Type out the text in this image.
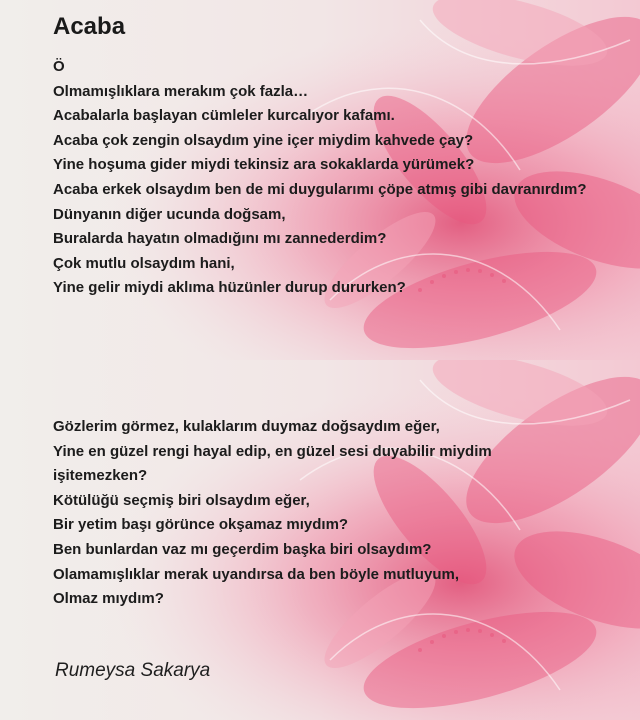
Acaba
Ö
Olmamışlıklara merakım çok fazla…
Acabalarla başlayan cümleler kurcalıyor kafamı.
Acaba çok zengin olsaydım yine içer miydim kahvede çay?
Yine hoşuma gider miydi tekinsiz ara sokaklarda yürümek?
Acaba erkek olsaydım ben de mi duygularımı çöpe atmış gibi davranırdım?
Dünyanın diğer ucunda doğsam,
Buralarda hayatın olmadığını mı zannederdim?
Çok mutlu olsaydım hani,
Yine gelir miydi aklıma hüzünler durup dururken?
Gözlerim görmez, kulaklarım duymaz doğsaydım eğer,
Yine en güzel rengi hayal edip, en güzel sesi duyabilir miydim
işitemezken?
Kötülüğü seçmiş biri olsaydım eğer,
Bir yetim başı görünce okşamaz mıydım?
Ben bunlardan vaz mı geçerdim başka biri olsaydım?
Olamamışlıklar merak uyandırsa da ben böyle mutluyum,
Olmaz mıydım?
Rumeysa Sakarya
